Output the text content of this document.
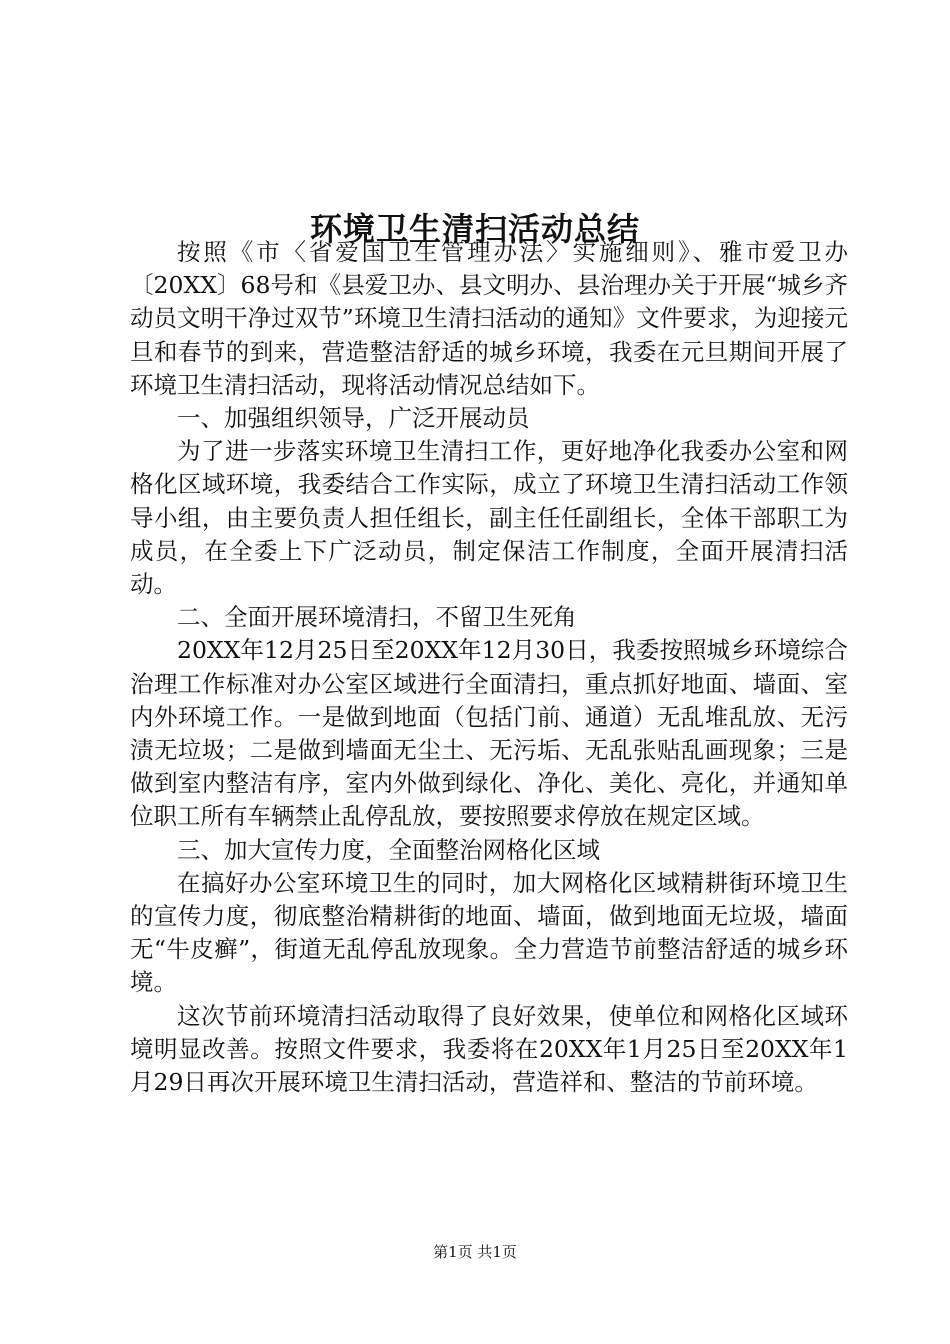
环境卫生清扫活动总结

按照《市〈省爱国卫生管理办法〉实施细则》、雅市爱卫办〔20XX〕68号和《县爱卫办、县文明办、县治理办关于开展“城乡齐动员文明干净过双节”环境卫生清扫活动的通知》文件要求，为迎接元旦和春节的到来，营造整洁舒适的城乡环境，我委在元旦期间开展了环境卫生清扫活动，现将活动情况总结如下。

一、加强组织领导，广泛开展动员

为了进一步落实环境卫生清扫工作，更好地净化我委办公室和网格化区域环境，我委结合工作实际，成立了环境卫生清扫活动工作领导小组，由主要负责人担任组长，副主任任副组长，全体干部职工为成员，在全委上下广泛动员，制定保洁工作制度，全面开展清扫活动。

二、全面开展环境清扫，不留卫生死角

20XX年12月25日至20XX年12月30日，我委按照城乡环境综合治理工作标准对办公室区域进行全面清扫，重点抓好地面、墙面、室内外环境工作。一是做到地面（包括门前、通道）无乱堆乱放、无污渍无垃圾；二是做到墙面无尘土、无污垢、无乱张贴乱画现象；三是做到室内整洁有序，室内外做到绿化、净化、美化、亮化，并通知单位职工所有车辆禁止乱停乱放，要按照要求停放在规定区域。

三、加大宣传力度，全面整治网格化区域

在搞好办公室环境卫生的同时，加大网格化区域精耕街环境卫生的宣传力度，彻底整治精耕街的地面、墙面，做到地面无垃圾，墙面无“牛皮癣”，街道无乱停乱放现象。全力营造节前整洁舒适的城乡环境。

这次节前环境清扫活动取得了良好效果，使单位和网格化区域环境明显改善。按照文件要求，我委将在20XX年1月25日至20XX年1月29日再次开展环境卫生清扫活动，营造祥和、整洁的节前环境。

第1页 共1页
